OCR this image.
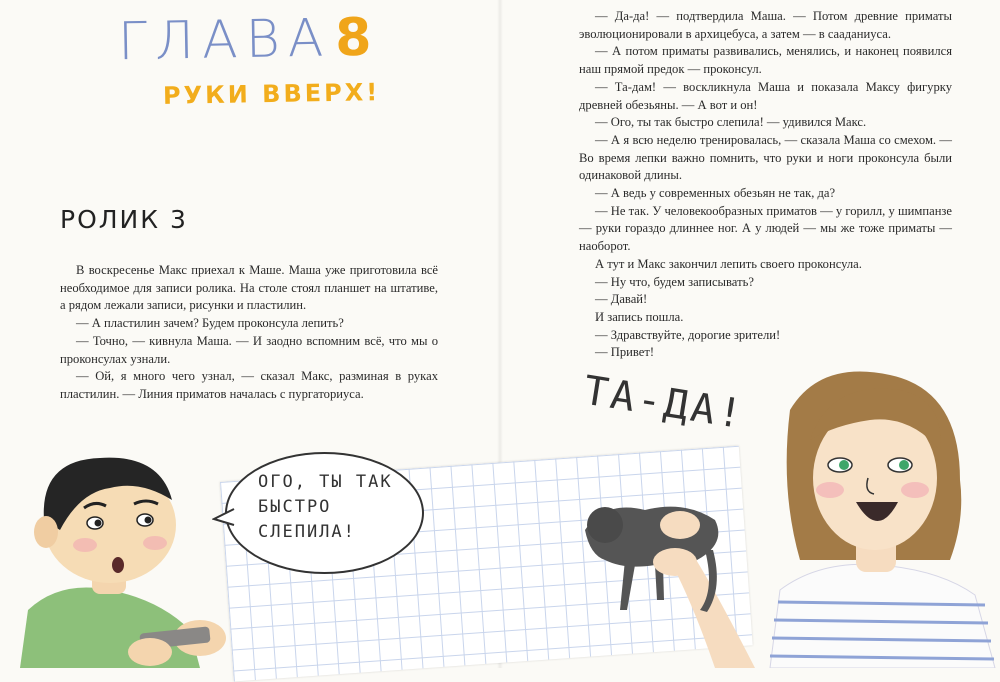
ГЛАВА8
РУКИ ВВЕРХ!
РОЛИК 3

В воскресенье Макс приехал к Маше. Маша уже приготовила всё необходимое для записи ролика. На столе стоял планшет на штативе, а рядом лежали записи, рисунки и пластилин.

— А пластилин зачем? Будем проконсула лепить?

— Точно, — кивнула Маша. — И заодно вспомним всё, что мы о проконсулах узнали.

— Ой, я много чего узнал, — сказал Макс, разминая в руках пластилин. — Линия приматов началась с пургаториуса.

— Да-да! — подтвердила Маша. — Потом древние приматы эволюционировали в архицебуса, а затем — в сааданиуса.

— А потом приматы развивались, менялись, и наконец появился наш прямой предок — проконсул.

— Та-дам! — воскликнула Маша и показала Максу фигурку древней обезьяны. — А вот и он!

— Ого, ты так быстро слепила! — удивился Макс.

— А я всю неделю тренировалась, — сказала Маша со смехом. — Во время лепки важно помнить, что руки и ноги проконсула были одинаковой длины.

— А ведь у современных обезьян не так, да?

— Не так. У человекообразных приматов — у горилл, у шимпанзе — руки гораздо длиннее ног. А у людей — мы же тоже приматы — наоборот.

А тут и Макс закончил лепить своего проконсула.

— Ну что, будем записывать?

— Давай!

И запись пошла.

— Здравствуйте, дорогие зрители!

— Привет!

ОГО, ТЫ ТАК
БЫСТРО
СЛЕПИЛА!
ТА-ДА!
